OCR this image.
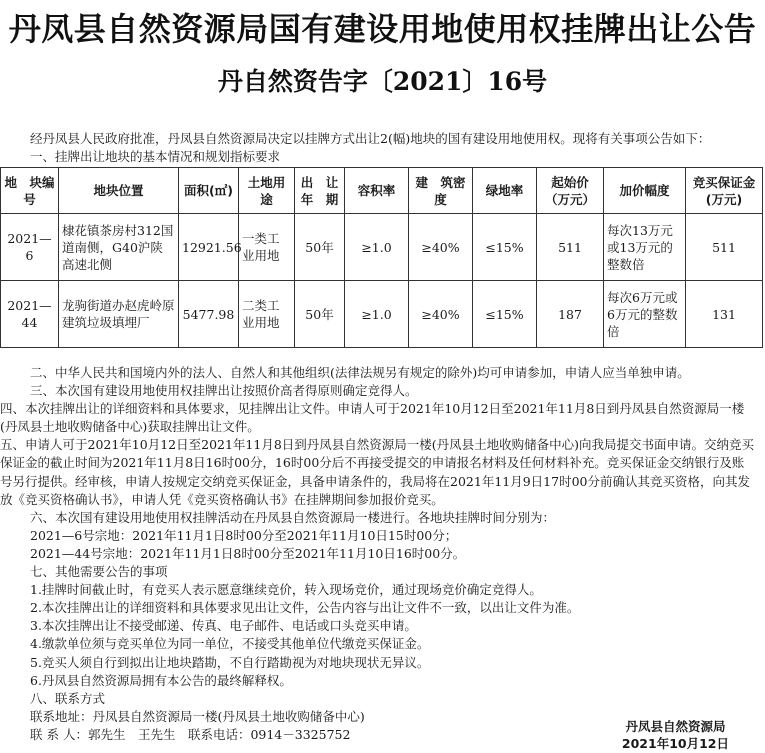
丹凤县自然资源局国有建设用地使用权挂牌出让公告
丹自然资告字〔2021〕16号
经丹凤县人民政府批准，丹凤县自然资源局决定以挂牌方式出让2(幅)地块的国有建设用地使用权。现将有关事项公告如下：
一、挂牌出让地块的基本情况和规划指标要求
地　块编　号	地块位置	面积(㎡)	土地用途	出　让年　期	容积率	建　筑密　度	绿地率	起始价（万元）	加价幅度	竞买保证金(万元)
2021—6	棣花镇茶房村312国道南侧，G40沪陕高速北侧	12921.56	一类工业用地	50年	≥1.0	≥40%	≤15%	511	每次13万元或13万元的整数倍	511
2021—44	龙驹街道办赵虎岭原建筑垃圾填埋厂	5477.98	二类工业用地	50年	≥1.0	≥40%	≤15%	187	每次6万元或6万元的整数倍	131

二、中华人民共和国境内外的法人、自然人和其他组织(法律法规另有规定的除外)均可申请参加，申请人应当单独申请。

三、本次国有建设用地使用权挂牌出让按照价高者得原则确定竞得人。

四、本次挂牌出让的详细资料和具体要求，见挂牌出让文件。申请人可于2021年10月12日至2021年11月8日到丹凤县自然资源局一楼(丹凤县土地收购储备中心)获取挂牌出让文件。

五、申请人可于2021年10月12日至2021年11月8日到丹凤县自然资源局一楼(丹凤县土地收购储备中心)向我局提交书面申请。交纳竞买保证金的截止时间为2021年11月8日16时00分，16时00分后不再接受提交的申请报名材料及任何材料补充。竞买保证金交纳银行及账号另行提供。经审核，申请人按规定交纳竞买保证金，具备申请条件的，我局将在2021年11月9日17时00分前确认其竞买资格，向其发放《竞买资格确认书》，申请人凭《竞买资格确认书》在挂牌期间参加报价竞买。

六、本次国有建设用地使用权挂牌活动在丹凤县自然资源局一楼进行。各地块挂牌时间分别为：

2021—6号宗地：2021年11月1日8时00分至2021年11月10日15时00分；

2021—44号宗地：2021年11月1日8时00分至2021年11月10日16时00分。

七、其他需要公告的事项

1.挂牌时间截止时，有竞买人表示愿意继续竞价，转入现场竞价，通过现场竞价确定竞得人。

2.本次挂牌出让的详细资料和具体要求见出让文件，公告内容与出让文件不一致，以出让文件为准。

3.本次挂牌出让不接受邮递、传真、电子邮件、电话或口头竞买申请。

4.缴款单位须与竞买单位为同一单位，不接受其他单位代缴竞买保证金。

5.竞买人须自行到拟出让地块踏勘，不自行踏勘视为对地块现状无异议。

6.丹凤县自然资源局拥有本公告的最终解释权。

八、联系方式

联系地址：丹凤县自然资源局一楼(丹凤县土地收购储备中心)

联 系 人：郭先生　王先生　联系电话：0914－3325752

丹凤县自然资源局
2021年10月12日
